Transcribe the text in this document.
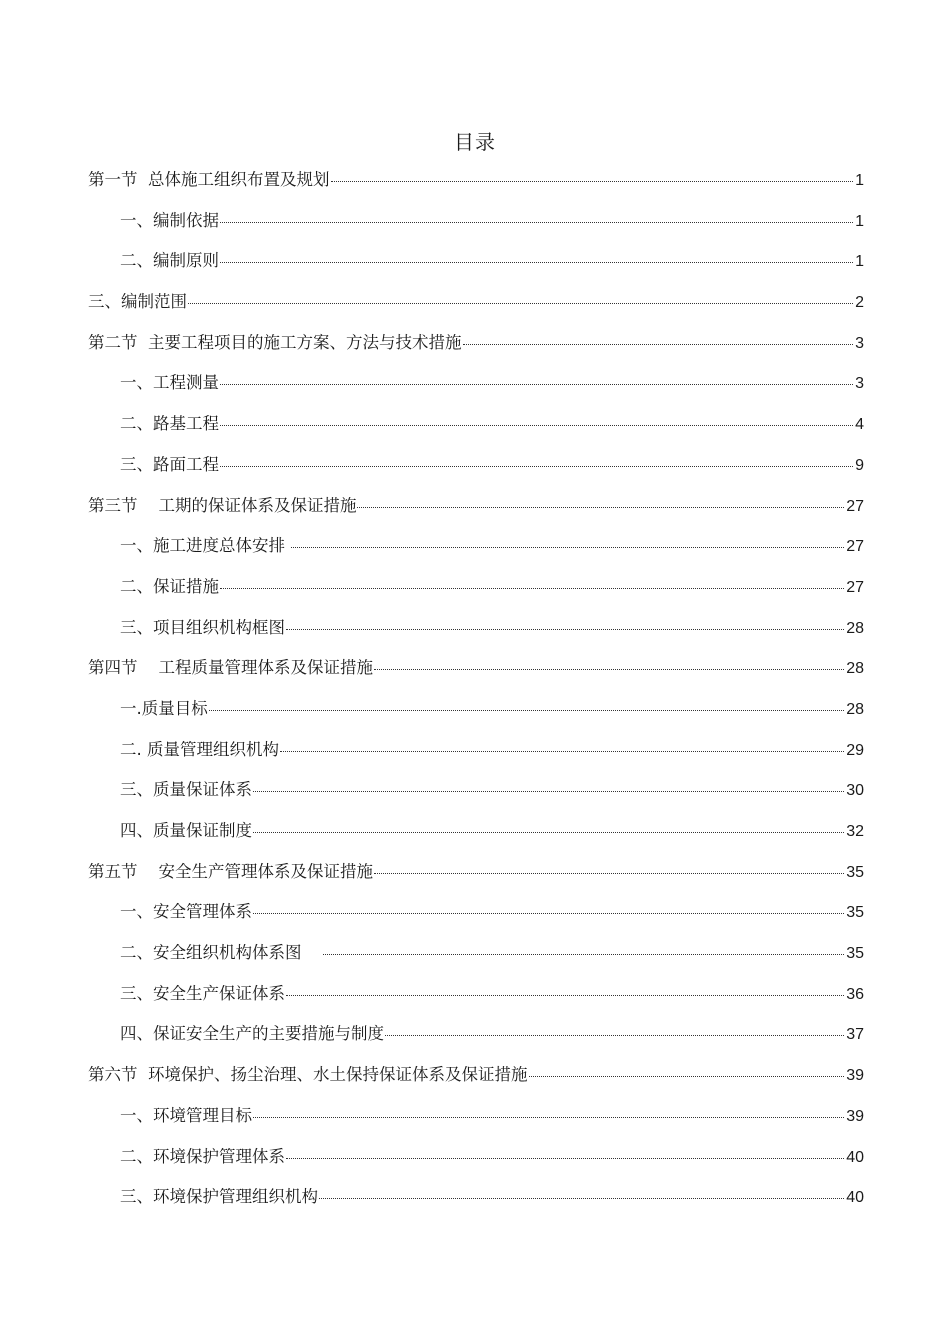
目录
第一节  总体施工组织布置及规划	1
一、编制依据	1
二、编制原则	1
三、编制范围	2
第二节  主要工程项目的施工方案、方法与技术措施	3
一、工程测量	3
二、路基工程	4
三、路面工程	9
第三节    工期的保证体系及保证措施	27
一、施工进度总体安排	27
二、保证措施	27
三、项目组织机构框图	28
第四节    工程质量管理体系及保证措施	28
一.质量目标	28
二. 质量管理组织机构	29
三、质量保证体系	30
四、质量保证制度	32
第五节    安全生产管理体系及保证措施	35
一、安全管理体系	35
二、安全组织机构体系图	35
三、安全生产保证体系	36
四、保证安全生产的主要措施与制度	37
第六节  环境保护、扬尘治理、水土保持保证体系及保证措施	39
一、环境管理目标	39
二、环境保护管理体系	40
三、环境保护管理组织机构	40
